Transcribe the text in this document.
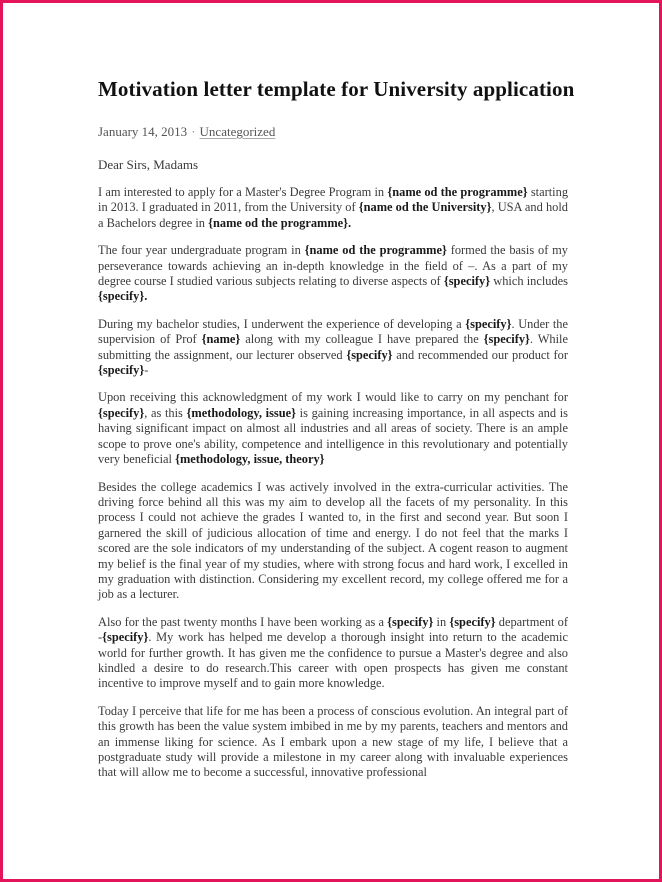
Motivation letter template for University application
January 14, 2013 · Uncategorized
Dear Sirs, Madams

I am interested to apply for a Master's Degree Program in {name od the programme} starting in 2013. I graduated in 2011, from the University of {name od the University}, USA and hold a Bachelors degree in {name od the programme}.

The four year undergraduate program in {name od the programme} formed the basis of my perseverance towards achieving an in-depth knowledge in the field of –. As a part of my degree course I studied various subjects relating to diverse aspects of {specify} which includes {specify}.

During my bachelor studies, I underwent the experience of developing a {specify}. Under the supervision of Prof {name} along with my colleague I have prepared the {specify}. While submitting the assignment, our lecturer observed {specify} and recommended our product for {specify}-

Upon receiving this acknowledgment of my work I would like to carry on my penchant for {specify}, as this {methodology, issue} is gaining increasing importance, in all aspects and is having significant impact on almost all industries and all areas of society. There is an ample scope to prove one's ability, competence and intelligence in this revolutionary and potentially very beneficial {methodology, issue, theory}

Besides the college academics I was actively involved in the extra-curricular activities. The driving force behind all this was my aim to develop all the facets of my personality. In this process I could not achieve the grades I wanted to, in the first and second year. But soon I garnered the skill of judicious allocation of time and energy. I do not feel that the marks I scored are the sole indicators of my understanding of the subject. A cogent reason to augment my belief is the final year of my studies, where with strong focus and hard work, I excelled in my graduation with distinction. Considering my excellent record, my college offered me for a job as a lecturer.

Also for the past twenty months I have been working as a {specify} in {specify} department of -{specify}. My work has helped me develop a thorough insight into return to the academic world for further growth. It has given me the confidence to pursue a Master's degree and also kindled a desire to do research.This career with open prospects has given me constant incentive to improve myself and to gain more knowledge.

Today I perceive that life for me has been a process of conscious evolution. An integral part of this growth has been the value system imbibed in me by my parents, teachers and mentors and an immense liking for science. As I embark upon a new stage of my life, I believe that a postgraduate study will provide a milestone in my career along with invaluable experiences that will allow me to become a successful, innovative professional
